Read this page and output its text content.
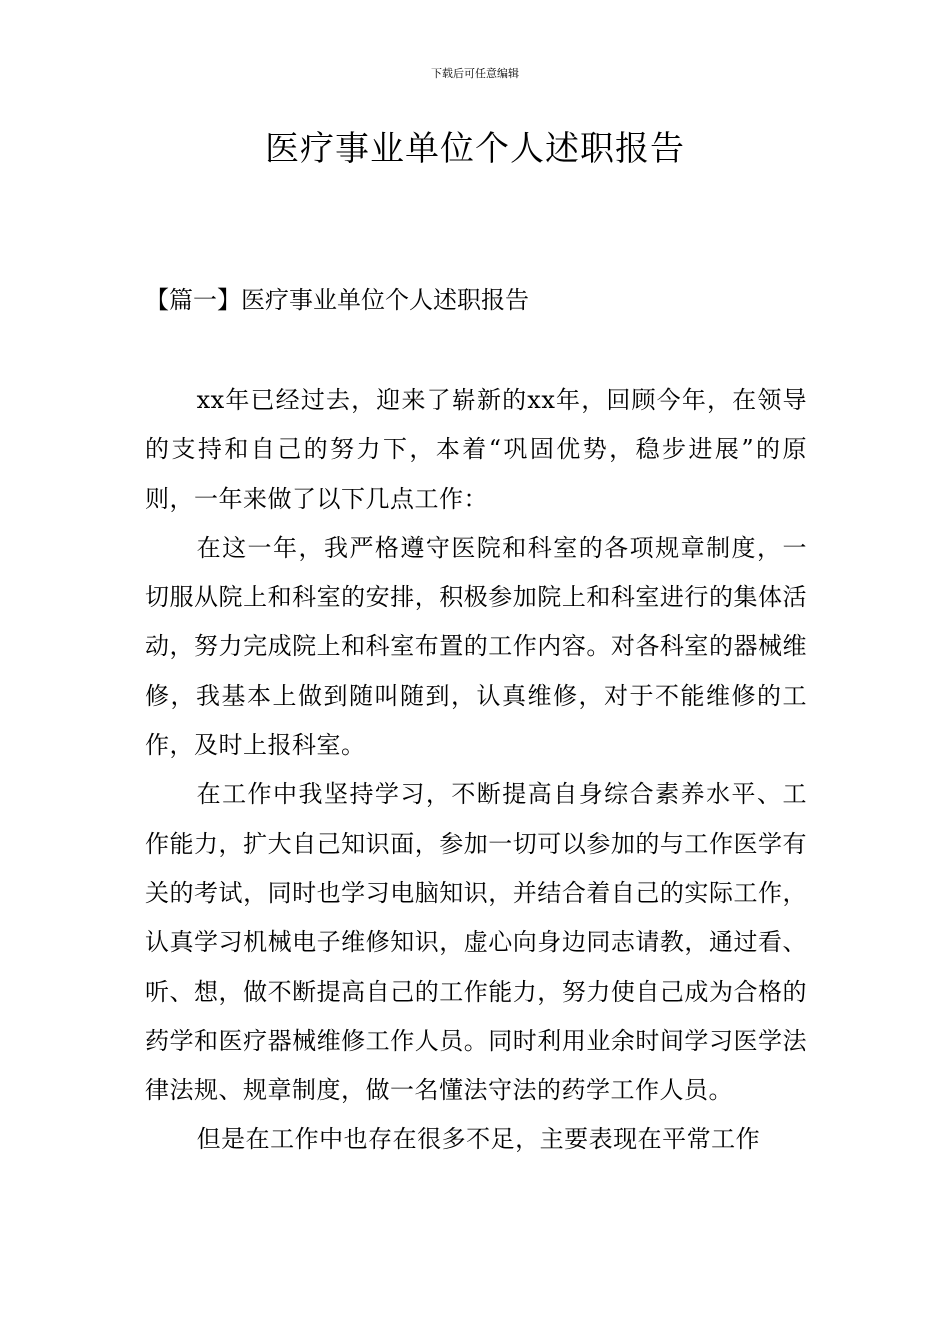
下载后可任意编辑
医疗事业单位个人述职报告
【篇一】医疗事业单位个人述职报告

xx年已经过去，迎来了崭新的xx年，回顾今年，在领导的支持和自己的努力下，本着“巩固优势，稳步进展”的原则，一年来做了以下几点工作：

在这一年，我严格遵守医院和科室的各项规章制度，一切服从院上和科室的安排，积极参加院上和科室进行的集体活动，努力完成院上和科室布置的工作内容。对各科室的器械维修，我基本上做到随叫随到，认真维修，对于不能维修的工作，及时上报科室。

在工作中我坚持学习，不断提高自身综合素养水平、工作能力，扩大自己知识面，参加一切可以参加的与工作医学有关的考试，同时也学习电脑知识，并结合着自己的实际工作，认真学习机械电子维修知识，虚心向身边同志请教，通过看、听、想，做不断提高自己的工作能力，努力使自己成为合格的药学和医疗器械维修工作人员。同时利用业余时间学习医学法律法规、规章制度，做一名懂法守法的药学工作人员。

但是在工作中也存在很多不足，主要表现在平常工作
